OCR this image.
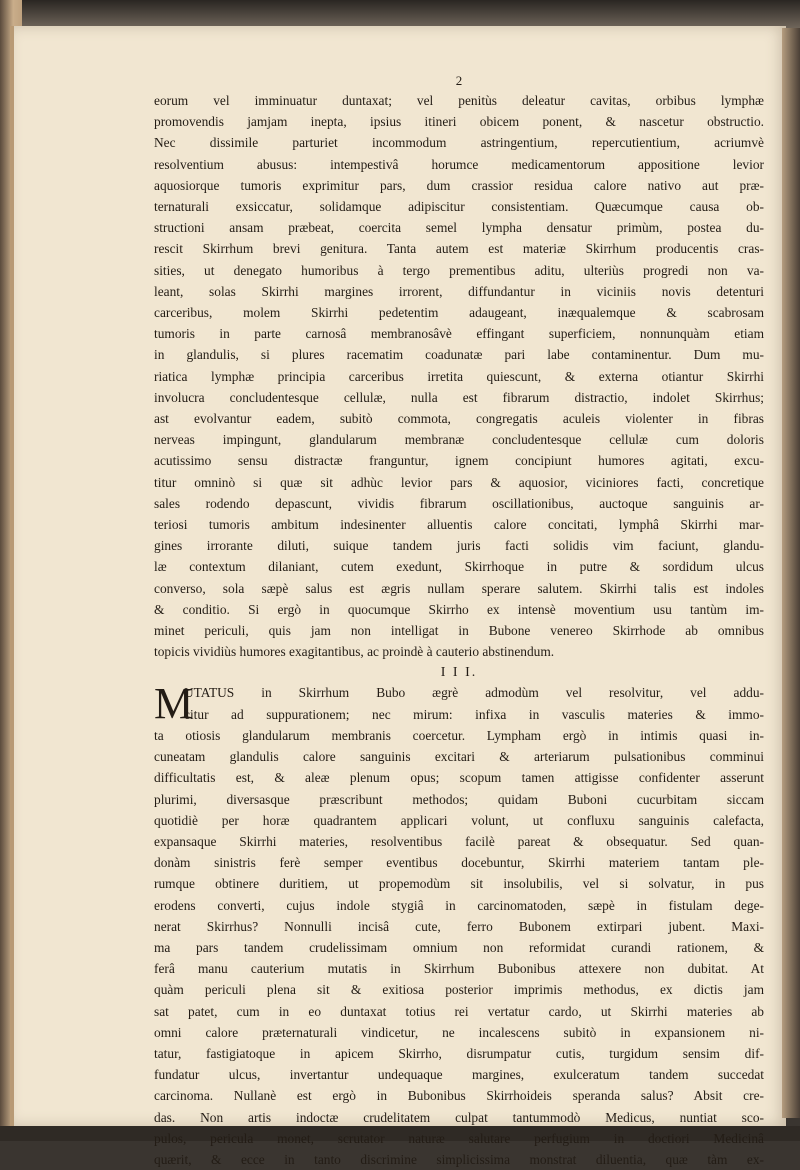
2
eorum vel imminuatur duntaxat; vel penitùs deleatur cavitas, orbibus lymphæ
promovendis jamjam inepta, ipsius itineri obicem ponent, & nascetur obstructio.
Nec dissimile parturiet incommodum astringentium, repercutientium, acriumvè
resolventium abusus: intempestivâ horumce medicamentorum appositione levior
aquosiorque tumoris exprimitur pars, dum crassior residua calore nativo aut præ-
ternaturali exsiccatur, solidamque adipiscitur consistentiam. Quæcumque causa ob-
structioni ansam præbeat, coercita semel lympha densatur primùm, postea du-
rescit Skirrhum brevi genitura. Tanta autem est materiæ Skirrhum producentis cras-
sities, ut denegato humoribus à tergo prementibus aditu, ulteriùs progredi non va-
leant, solas Skirrhi margines irrorent, diffundantur in viciniis novis detenturi
carceribus, molem Skirrhi pedetentim adaugeant, inæqualemque & scabrosam
tumoris in parte carnosâ membranosâvè effingant superficiem, nonnunquàm etiam
in glandulis, si plures racematim coadunatæ pari labe contaminentur. Dum mu-
riatica lymphæ principia carceribus irretita quiescunt, & externa otiantur Skirrhi
involucra concludentesque cellulæ, nulla est fibrarum distractio, indolet Skirrhus;
ast evolvantur eadem, subitò commota, congregatis aculeis violenter in fibras
nerveas impingunt, glandularum membranæ concludentesque cellulæ cum doloris
acutissimo sensu distractæ franguntur, ignem concipiunt humores agitati, excu-
titur omninò si quæ sit adhùc levior pars & aquosior, viciniores facti, concretique
sales rodendo depascunt, vividis fibrarum oscillationibus, auctoque sanguinis ar-
teriosi tumoris ambitum indesinenter alluentis calore concitati, lymphâ Skirrhi mar-
gines irrorante diluti, suique tandem juris facti solidis vim faciunt, glandu-
læ contextum dilaniant, cutem exedunt, Skirrhoque in putre & sordidum ulcus
converso, sola sæpè salus est ægris nullam sperare salutem. Skirrhi talis est indoles
& conditio. Si ergò in quocumque Skirrho ex intensè moventium usu tantùm im-
minet periculi, quis jam non intelligat in Bubone venereo Skirrhode ab omnibus
topicis vividiùs humores exagitantibus, ac proindè à cauterio abstinendum.
I I I.
M
UTATUS in Skirrhum Bubo ægrè admodùm vel resolvitur, vel addu-
citur ad suppurationem; nec mirum: infixa in vasculis materies & immo-
ta otiosis glandularum membranis coercetur. Lympham ergò in intimis quasi in-
cuneatam glandulis calore sanguinis excitari & arteriarum pulsationibus comminui
difficultatis est, & aleæ plenum opus; scopum tamen attigisse confidenter asserunt
plurimi, diversasque præscribunt methodos; quidam Buboni cucurbitam siccam
quotidiè per horæ quadrantem applicari volunt, ut confluxu sanguinis calefacta,
expansaque Skirrhi materies, resolventibus facilè pareat & obsequatur. Sed quan-
donàm sinistris ferè semper eventibus docebuntur, Skirrhi materiem tantam ple-
rumque obtinere duritiem, ut propemodùm sit insolubilis, vel si solvatur, in pus
erodens converti, cujus indole stygiâ in carcinomatoden, sæpè in fistulam dege-
nerat Skirrhus? Nonnulli incisâ cute, ferro Bubonem extirpari jubent. Maxi-
ma pars tandem crudelissimam omnium non reformidat curandi rationem, &
ferâ manu cauterium mutatis in Skirrhum Bubonibus attexere non dubitat. At
quàm periculi plena sit & exitiosa posterior imprimis methodus, ex dictis jam
sat patet, cum in eo duntaxat totius rei vertatur cardo, ut Skirrhi materies ab
omni calore præternaturali vindicetur, ne incalescens subitò in expansionem ni-
tatur, fastigiatoque in apicem Skirrho, disrumpatur cutis, turgidum sensim dif-
fundatur ulcus, invertantur undequaque margines, exulceratum tandem succedat
carcinoma. Nullanè est ergò in Bubonibus Skirrhoideis speranda salus? Absit cre-
das. Non artis indoctæ crudelitatem culpat tantummodò Medicus, nuntiat sco-
pulos, pericula monet, scrutator naturæ salutare perfugium in doctiori Medicinâ
quærit, & ecce in tanto discrimine simplicissima monstrat diluentia, quæ tàm ex-
